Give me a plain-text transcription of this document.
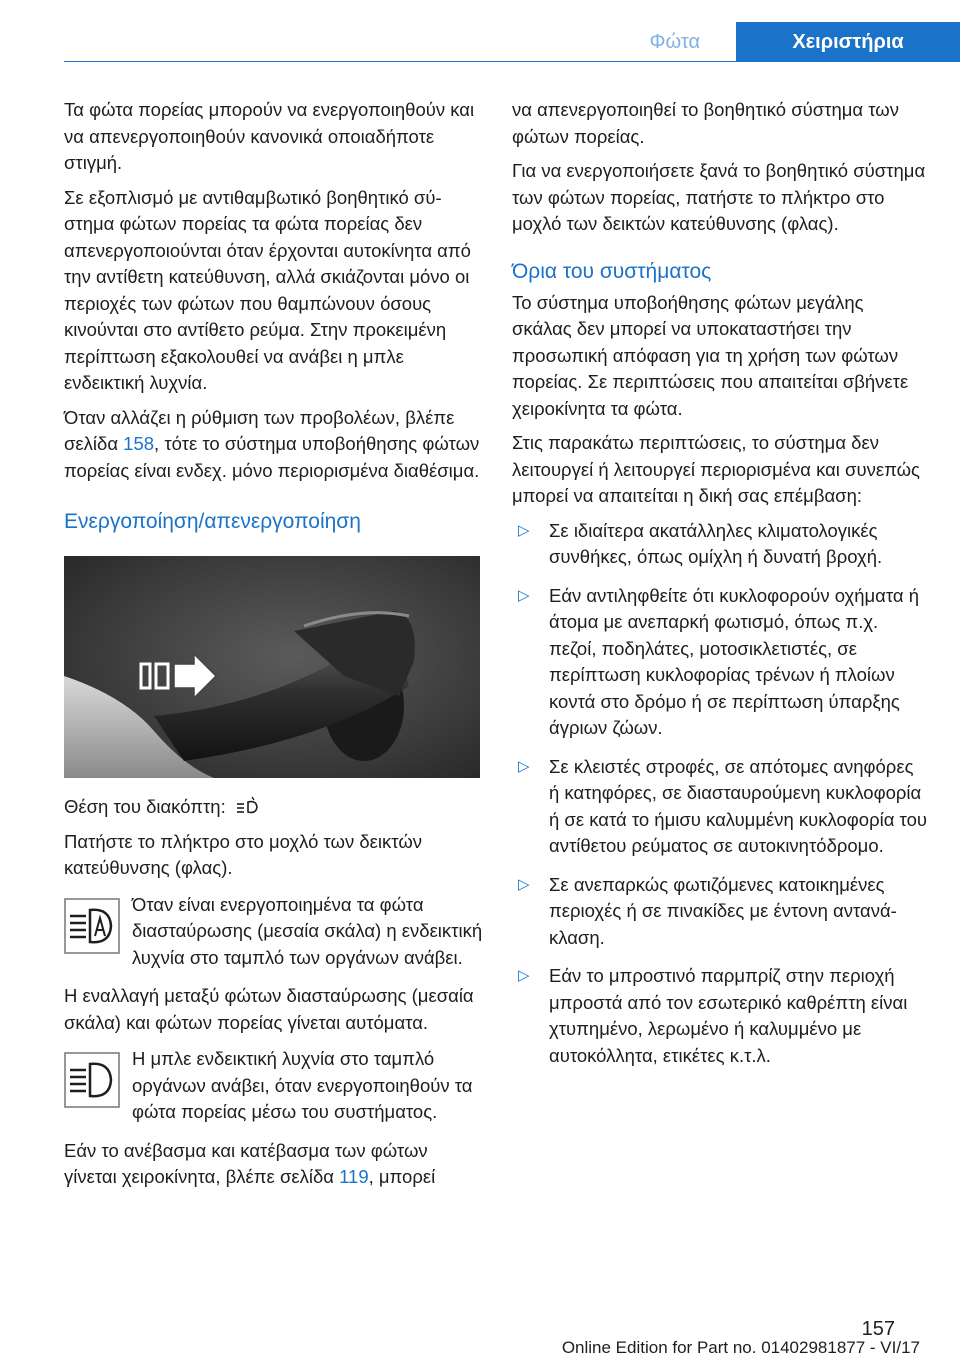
Φώτα	Χειριστήρια

Τα φώτα πορείας μπορούν να ενεργοποιηθούν και να απενεργοποιηθούν κανονικά οποιαδήποτε στιγμή.

Σε εξοπλισμό με αντιθαμβωτικό βοηθητικό σύστημα φώτων πορείας τα φώτα πορείας δεν απενεργοποιούνται όταν έρχονται αυτοκίνητα από την αντίθετη κατεύθυνση, αλλά σκιάζονται μόνο οι περιοχές των φώτων που θαμπώνουν όσους κινούνται στο αντίθετο ρεύμα. Στην προκειμένη περίπτωση εξακολουθεί να ανάβει η μπλε ενδεικτική λυχνία.

Όταν αλλάζει η ρύθμιση των προβολέων, βλέπε σελίδα 158, τότε το σύστημα υποβοήθησης φώτων πορείας είναι ενδεχ. μόνο περιορισμένα διαθέσιμα.

Ενεργοποίηση/απενεργοποίηση
Θέση του διακόπτη:

Πατήστε το πλήκτρο στο μοχλό των δεικτών κατεύθυνσης (φλας).

Όταν είναι ενεργοποιημένα τα φώτα διασταύρωσης (μεσαία σκάλα) η ενδεικτική λυχνία στο ταμπλό των οργάνων ανάβει.

Η εναλλαγή μεταξύ φώτων διασταύρωσης (μεσαία σκάλα) και φώτων πορείας γίνεται αυτόματα.

Η μπλε ενδεικτική λυχνία στο ταμπλό οργάνων ανάβει, όταν ενεργοποιηθούν τα φώτα πορείας μέσω του συστήματος.

Εάν το ανέβασμα και κατέβασμα των φώτων γίνεται χειροκίνητα, βλέπε σελίδα 119, μπορεί

να απενεργοποιηθεί το βοηθητικό σύστημα των φώτων πορείας.

Για να ενεργοποιήσετε ξανά το βοηθητικό σύστημα των φώτων πορείας, πατήστε το πλήκτρο στο μοχλό των δεικτών κατεύθυνσης (φλας).

Όρια του συστήματος

Το σύστημα υποβοήθησης φώτων μεγάλης σκάλας δεν μπορεί να υποκαταστήσει την προσωπική απόφαση για τη χρήση των φώτων πορείας. Σε περιπτώσεις που απαιτείται σβήνετε χειροκίνητα τα φώτα.

Στις παρακάτω περιπτώσεις, το σύστημα δεν λειτουργεί ή λειτουργεί περιορισμένα και συνεπώς μπορεί να απαιτείται η δική σας επέμβαση:

▷ Σε ιδιαίτερα ακατάλληλες κλιματολογικές συνθήκες, όπως ομίχλη ή δυνατή βροχή.
▷ Εάν αντιληφθείτε ότι κυκλοφορούν οχήματα ή άτομα με ανεπαρκή φωτισμό, όπως π.χ. πεζοί, ποδηλάτες, μοτοσικλετιστές, σε περίπτωση κυκλοφορίας τρένων ή πλοίων κοντά στο δρόμο ή σε περίπτωση ύπαρξης άγριων ζώων.
▷ Σε κλειστές στροφές, σε απότομες ανηφόρες ή κατηφόρες, σε διασταυρούμενη κυκλοφορία ή σε κατά το ήμισυ καλυμμένη κυκλοφορία του αντίθετου ρεύματος σε αυτοκινητόδρομο.
▷ Σε ανεπαρκώς φωτιζόμενες κατοικημένες περιοχές ή σε πινακίδες με έντονη αντανάκλαση.
▷ Εάν το μπροστινό παρμπρίζ στην περιοχή μπροστά από τον εσωτερικό καθρέπτη είναι χτυπημένο, λερωμένο ή καλυμμένο με αυτοκόλλητα, ετικέτες κ.τ.λ.
157
Online Edition for Part no. 01402981877 - VI/17
